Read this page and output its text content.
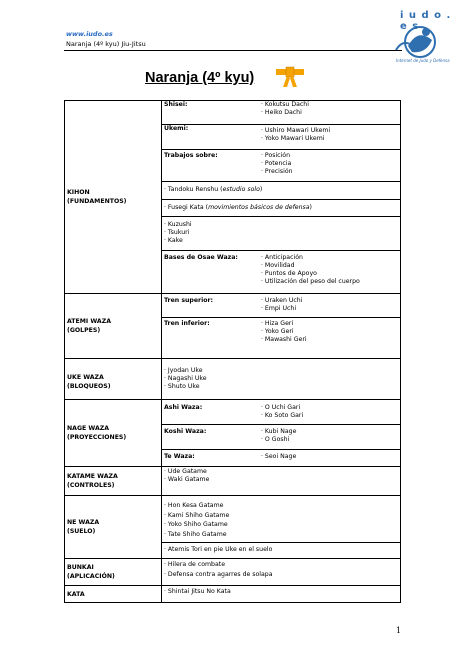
www.iudo.es
Naranja (4º kyu) Jiu-Jitsu
i u d o . e s
Internet de Judo y Defensa
Naranja (4º kyu)
KIHON
(FUNDAMENTOS)	
Shisei:	· Kokutsu Dachi
· Heiko Dachi

Ukemi:	· Ushiro Mawari Ukemi
· Yoko Mawari Ukemi

Trabajos sobre:	· Posición
· Potencia
· Precisión

· Tandoku Renshu (estudio solo)
· Fusegi Kata (movimientos básicos de defensa)

· Kuzushi
· Tsukuri
· Kake

Bases de Osae Waza:	· Anticipación
· Movilidad
· Puntos de Apoyo
· Utilización del peso del cuerpo

ATEMI WAZA
(GOLPES)	
Tren superior:	· Uraken Uchi
· Empi Uchi

Tren inferior:	· Hiza Geri
· Yoko Geri
· Mawashi Geri

UKE WAZA
(BLOQUEOS)	
· Jyodan Uke
· Nagashi Uke
· Shuto Uke

NAGE WAZA
(PROYECCIONES)	
Ashi Waza:	· O Uchi Gari
· Ko Soto Gari

Koshi Waza:	· Kubi Nage
· O Goshi

Te Waza:	· Seoi Nage

KATAME WAZA
(CONTROLES)	
· Ude Gatame
· Waki Gatame

NE WAZA
(SUELO)	
· Hon Kesa Gatame
· Kami Shiho Gatame
· Yoko Shiho Gatame
· Tate Shiho Gatame

· Atemis Tori en pie Uke en el suelo

BUNKAI
(APLICACIÓN)	
· Hilera de combate
· Defensa contra agarres de solapa

KATA	· Shintai Jitsu No Kata
1
